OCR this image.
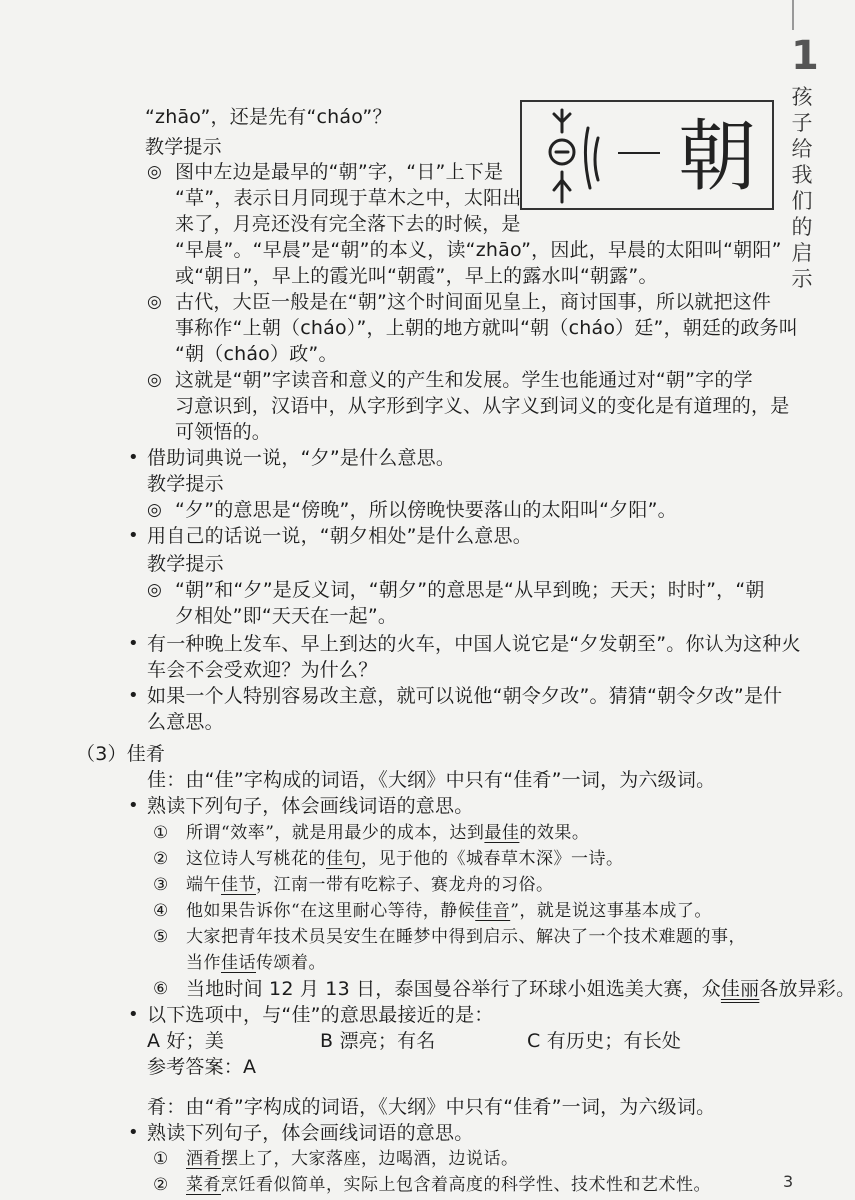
1
孩子给我们的启示
3
朝
“zhāo”，还是先有“cháo”？
教学提示
◎ 图中左边是最早的“朝”字，“日”上下是
“草”，表示日月同现于草木之中，太阳出
来了，月亮还没有完全落下去的时候，是
“早晨”。“早晨”是“朝”的本义，读“zhāo”，因此，早晨的太阳叫“朝阳”
或“朝日”，早上的霞光叫“朝霞”，早上的露水叫“朝露”。
◎ 古代，大臣一般是在“朝”这个时间面见皇上，商讨国事，所以就把这件
事称作“上朝（cháo）”，上朝的地方就叫“朝（cháo）廷”，朝廷的政务叫
“朝（cháo）政”。
◎ 这就是“朝”字读音和意义的产生和发展。学生也能通过对“朝”字的学
习意识到，汉语中，从字形到字义、从字义到词义的变化是有道理的，是
可领悟的。
• 借助词典说一说，“夕”是什么意思。
教学提示
◎ “夕”的意思是“傍晚”，所以傍晚快要落山的太阳叫“夕阳”。
• 用自己的话说一说，“朝夕相处”是什么意思。
教学提示
◎ “朝”和“夕”是反义词，“朝夕”的意思是“从早到晚；天天；时时”，“朝
夕相处”即“天天在一起”。
• 有一种晚上发车、早上到达的火车，中国人说它是“夕发朝至”。你认为这种火
车会不会受欢迎？为什么？
• 如果一个人特别容易改主意，就可以说他“朝令夕改”。猜猜“朝令夕改”是什
么意思。
（3）佳肴
佳：由“佳”字构成的词语，《大纲》中只有“佳肴”一词，为六级词。
• 熟读下列句子，体会画线词语的意思。
① 所谓“效率”，就是用最少的成本，达到最佳的效果。
② 这位诗人写桃花的佳句，见于他的《城春草木深》一诗。
③ 端午佳节，江南一带有吃粽子、赛龙舟的习俗。
④ 他如果告诉你“在这里耐心等待，静候佳音”，就是说这事基本成了。
⑤ 大家把青年技术员吴安生在睡梦中得到启示、解决了一个技术难题的事，
当作佳话传颂着。
⑥ 当地时间 12 月 13 日，泰国曼谷举行了环球小姐选美大赛，众佳丽各放异彩。
• 以下选项中，与“佳”的意思最接近的是：
A 好；美	B 漂亮；有名	C 有历史；有长处
参考答案：A
肴：由“肴”字构成的词语，《大纲》中只有“佳肴”一词，为六级词。
• 熟读下列句子，体会画线词语的意思。
① 酒肴摆上了，大家落座，边喝酒，边说话。
② 菜肴烹饪看似简单，实际上包含着高度的科学性、技术性和艺术性。
